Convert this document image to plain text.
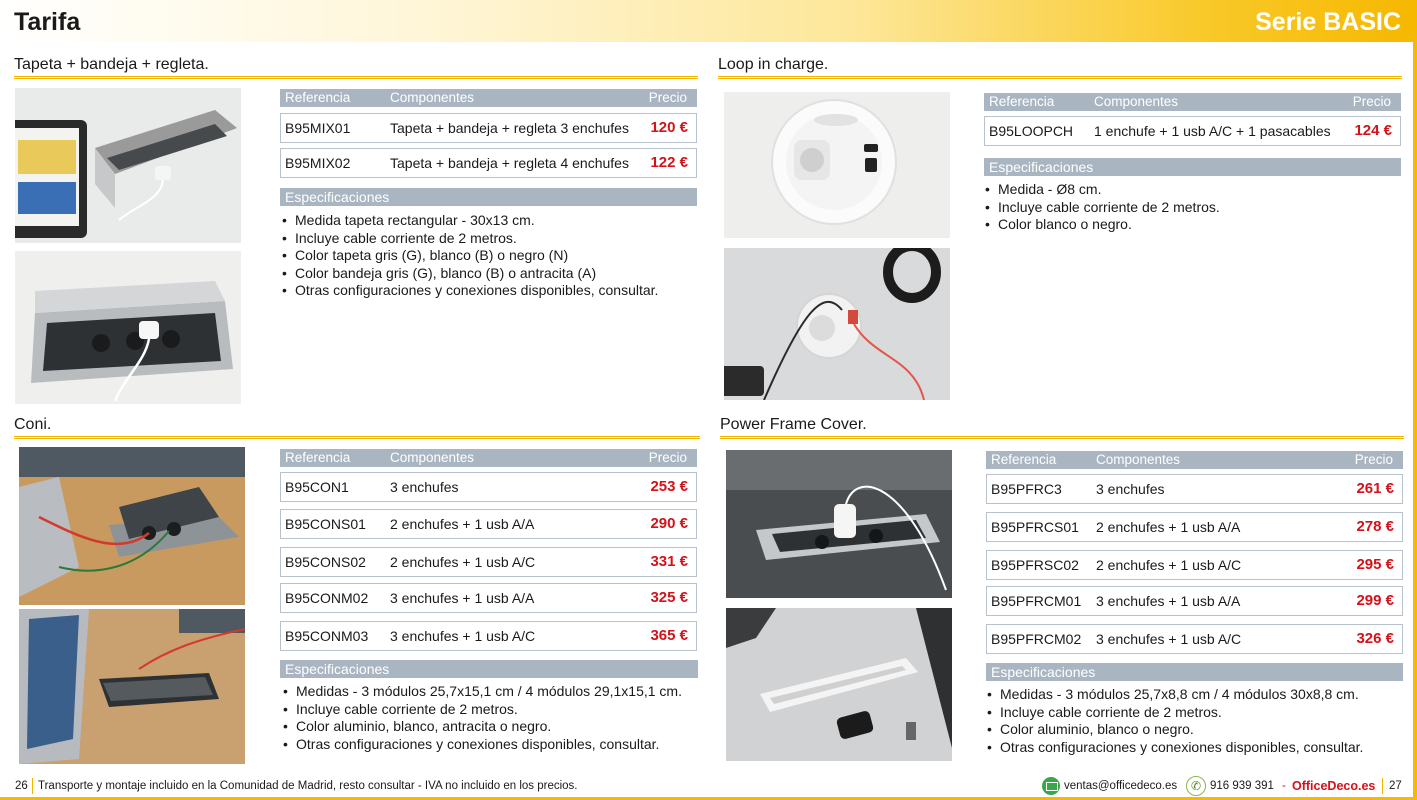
Tarifa	Serie BASIC
Tapeta + bandeja + regleta.
Referencia	Componentes	Precio
B95MIX01	Tapeta + bandeja + regleta 3 enchufes 120 €
B95MIX02	Tapeta + bandeja + regleta 4 enchufes 122 €
Especificaciones
• Medida tapeta rectangular - 30x13 cm.
• Incluye cable corriente de 2 metros.
• Color tapeta gris (G), blanco (B) o negro (N)
• Color bandeja gris (G), blanco (B) o antracita (A)
• Otras configuraciones y conexiones disponibles, consultar.
Loop in charge.
Referencia	Componentes	Precio
B95LOOPCH 1 enchufe + 1 usb A/C + 1 pasacables 124 €
Especificaciones
• Medida - Ø8 cm.
• Incluye cable corriente de 2 metros.
• Color blanco o negro.
Coni.
Referencia	Componentes	Precio
B95CON1	3 enchufes	253 €
B95CONS01 2 enchufes + 1 usb A/A	290 €
B95CONS02 2 enchufes + 1 usb A/C	331 €
B95CONM02 3 enchufes + 1 usb A/A	325 €
B95CONM03 3 enchufes + 1 usb A/C	365 €
Especificaciones
• Medidas - 3 módulos 25,7x15,1 cm / 4 módulos 29,1x15,1 cm.
• Incluye cable corriente de 2 metros.
• Color aluminio, blanco, antracita o negro.
• Otras configuraciones y conexiones disponibles, consultar.
Power Frame Cover.
Referencia	Componentes	Precio
B95PFRC3 3 enchufes	261 €
B95PFRCS01 2 enchufes + 1 usb A/A	278 €
B95PFRSC02 2 enchufes + 1 usb A/C	295 €
B95PFRCM01 3 enchufes + 1 usb A/A	299 €
B95PFRCM02 3 enchufes + 1 usb A/C	326 €
Especificaciones
• Medidas - 3 módulos 25,7x8,8 cm / 4 módulos 30x8,8 cm.
• Incluye cable corriente de 2 metros.
• Color aluminio, blanco o negro.
• Otras configuraciones y conexiones disponibles, consultar.
26 Transporte y montaje incluido en la Comunidad de Madrid, resto consultar - IVA no incluido en los precios.	ventas@officedeco.es	✆ 916 939 391 - OfficeDeco.es 27
